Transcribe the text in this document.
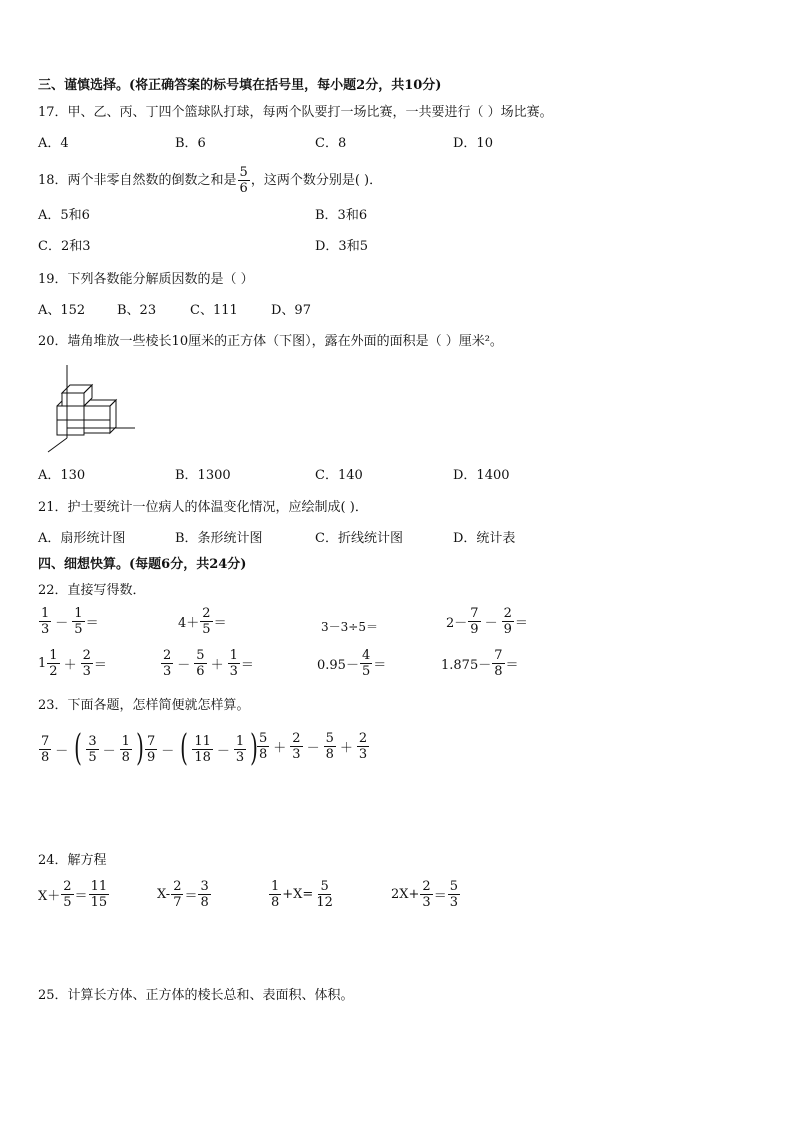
三、谨慎选择。(将正确答案的标号填在括号里，每小题2分，共10分)
17．甲、乙、丙、丁四个篮球队打球，每两个队要打一场比赛，一共要进行（ ）场比赛。
A．4	B．6	C．8	D．10
18．两个非零自然数的倒数之和是 $\frac{5}{6}$ ，这两个数分别是( )．
A．5和6	B．3和6
C．2和3	D．3和5
19．下列各数能分解质因数的是（ ）
A、152 B、23	C、111	D、97
20．墙角堆放一些棱长10厘米的正方体（下图），露在外面的面积是（ ）厘米²。
A．130	B．1300	C．140	D．1400
21．护士要统计一位病人的体温变化情况，应绘制成( )．
A．扇形统计图	B．条形统计图	C．折线统计图	D．统计表
四、细想快算。(每题6分，共24分)
22．直接写得数．
$\frac{1}{3} - \frac{1}{5}$ ＝	$4+ \frac{2}{5}$ ＝	3－3÷5＝	$2- \frac{7}{9} - \frac{2}{9}$ ＝
$1 \frac{1}{2} + \frac{2}{3}$ ＝	$\frac{2}{3} - \frac{5}{6} + \frac{1}{3}$ ＝	$0.95- \frac{4}{5}$ ＝	$1.875- \frac{7}{8}$ ＝
23．下面各题，怎样简便就怎样算。
$\frac{7}{8}$ － ( $\frac{3}{5} - \frac{1}{8}$ ) $\frac{7}{9}$ － ( $\frac{11}{18} - \frac{1}{3}$ )
$\frac{5}{8} + \frac{2}{3} - \frac{5}{8} + \frac{2}{3}$
24．解方程
$X+ \frac{2}{5} = \frac{11}{15}$	$X- \frac{2}{7} = \frac{3}{8}$	$\frac{1}{8} +X= \frac{5}{12}$	$2X+ \frac{2}{3} = \frac{5}{3}$
25．计算长方体、正方体的棱长总和、表面积、体积。
